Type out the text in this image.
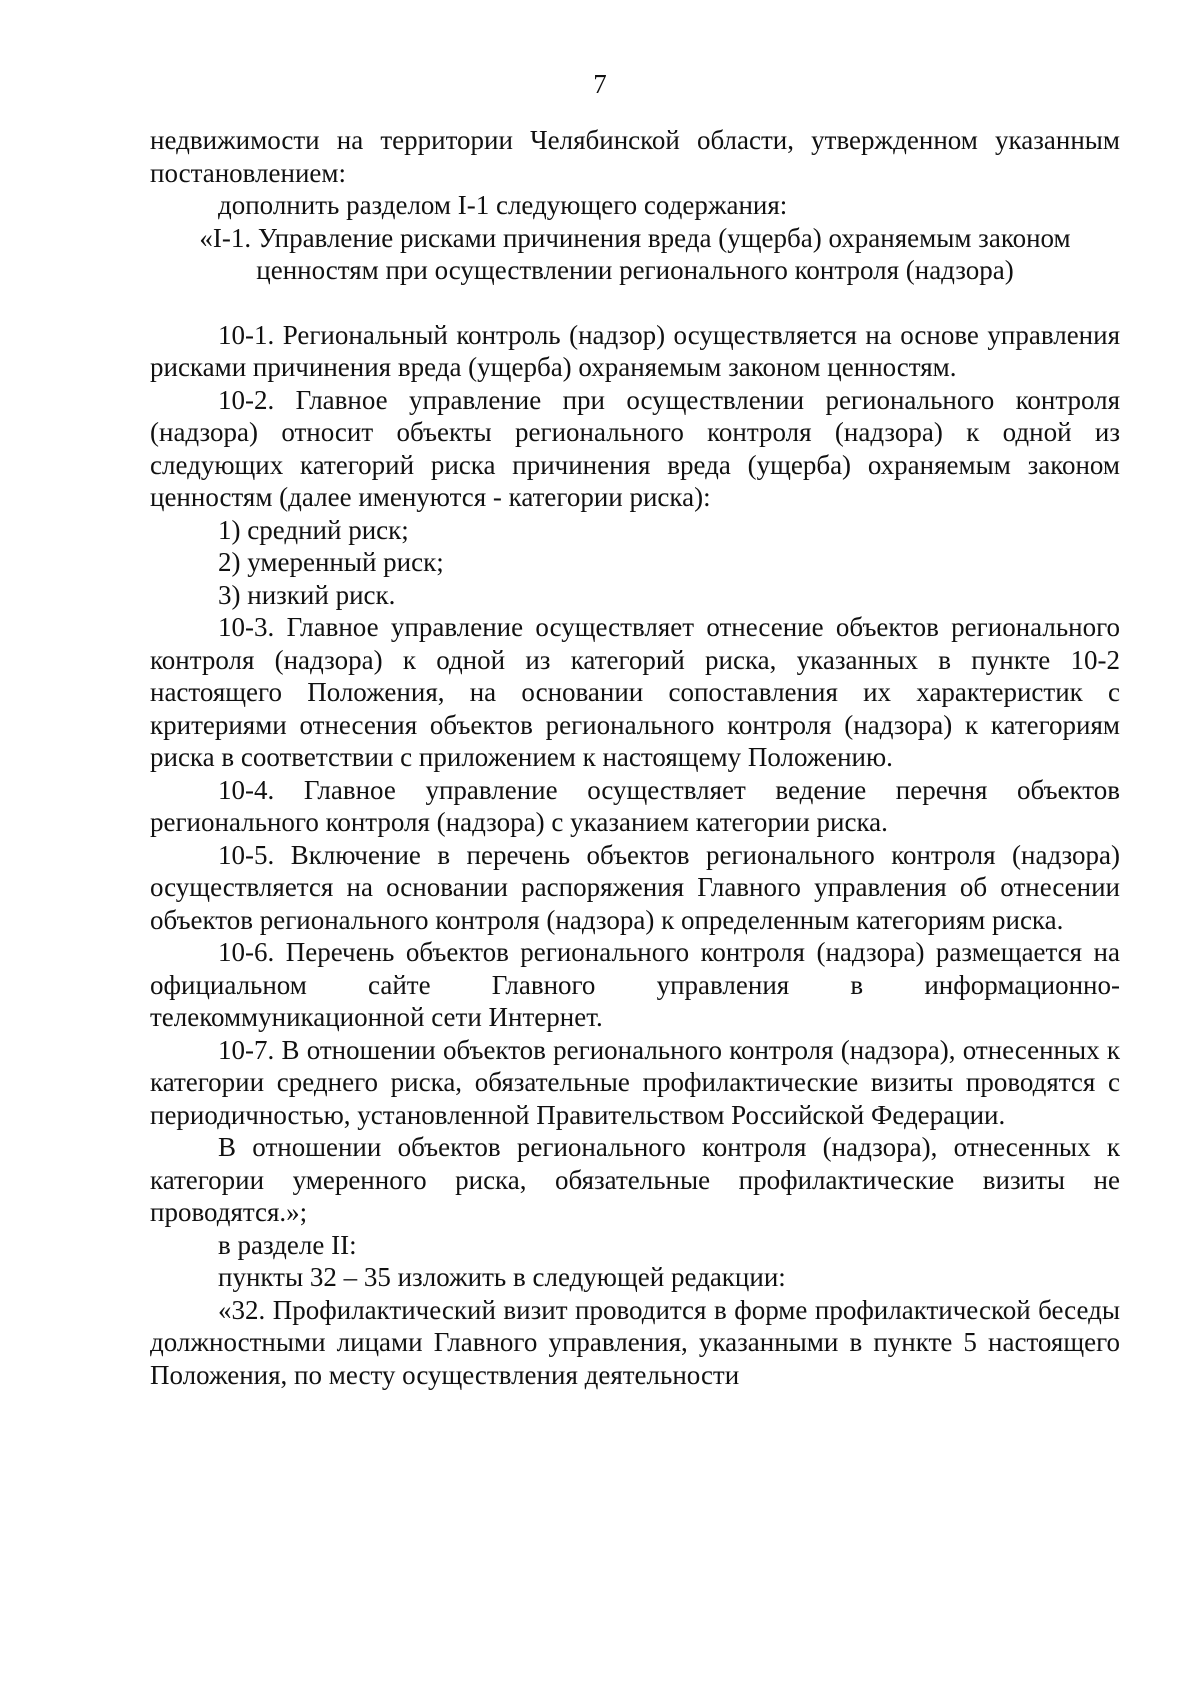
7

недвижимости на территории Челябинской области, утвержденном указанным постановлением:

дополнить разделом I-1 следующего содержания:

«I-1. Управление рисками причинения вреда (ущерба) охраняемым законом ценностям при осуществлении регионального контроля (надзора)

10-1. Региональный контроль (надзор) осуществляется на основе управления рисками причинения вреда (ущерба) охраняемым законом ценностям.

10-2. Главное управление при осуществлении регионального контроля (надзора) относит объекты регионального контроля (надзора) к одной из следующих категорий риска причинения вреда (ущерба) охраняемым законом ценностям (далее именуются - категории риска):

1) средний риск;

2) умеренный риск;

3) низкий риск.

10-3. Главное управление осуществляет отнесение объектов регионального контроля (надзора) к одной из категорий риска, указанных в пункте 10-2 настоящего Положения, на основании сопоставления их характеристик с критериями отнесения объектов регионального контроля (надзора) к категориям риска в соответствии с приложением к настоящему Положению.

10-4. Главное управление осуществляет ведение перечня объектов регионального контроля (надзора) с указанием категории риска.

10-5. Включение в перечень объектов регионального контроля (надзора) осуществляется на основании распоряжения Главного управления об отнесении объектов регионального контроля (надзора) к определенным категориям риска.

10-6. Перечень объектов регионального контроля (надзора) размещается на официальном сайте Главного управления в информационно-телекоммуникационной сети Интернет.

10-7. В отношении объектов регионального контроля (надзора), отнесенных к категории среднего риска, обязательные профилактические визиты проводятся с периодичностью, установленной Правительством Российской Федерации.

В отношении объектов регионального контроля (надзора), отнесенных к категории умеренного риска, обязательные профилактические визиты не проводятся.»;

в разделе II:

пункты 32 – 35 изложить в следующей редакции:

«32. Профилактический визит проводится в форме профилактической беседы должностными лицами Главного управления, указанными в пункте 5 настоящего Положения, по месту осуществления деятельности
